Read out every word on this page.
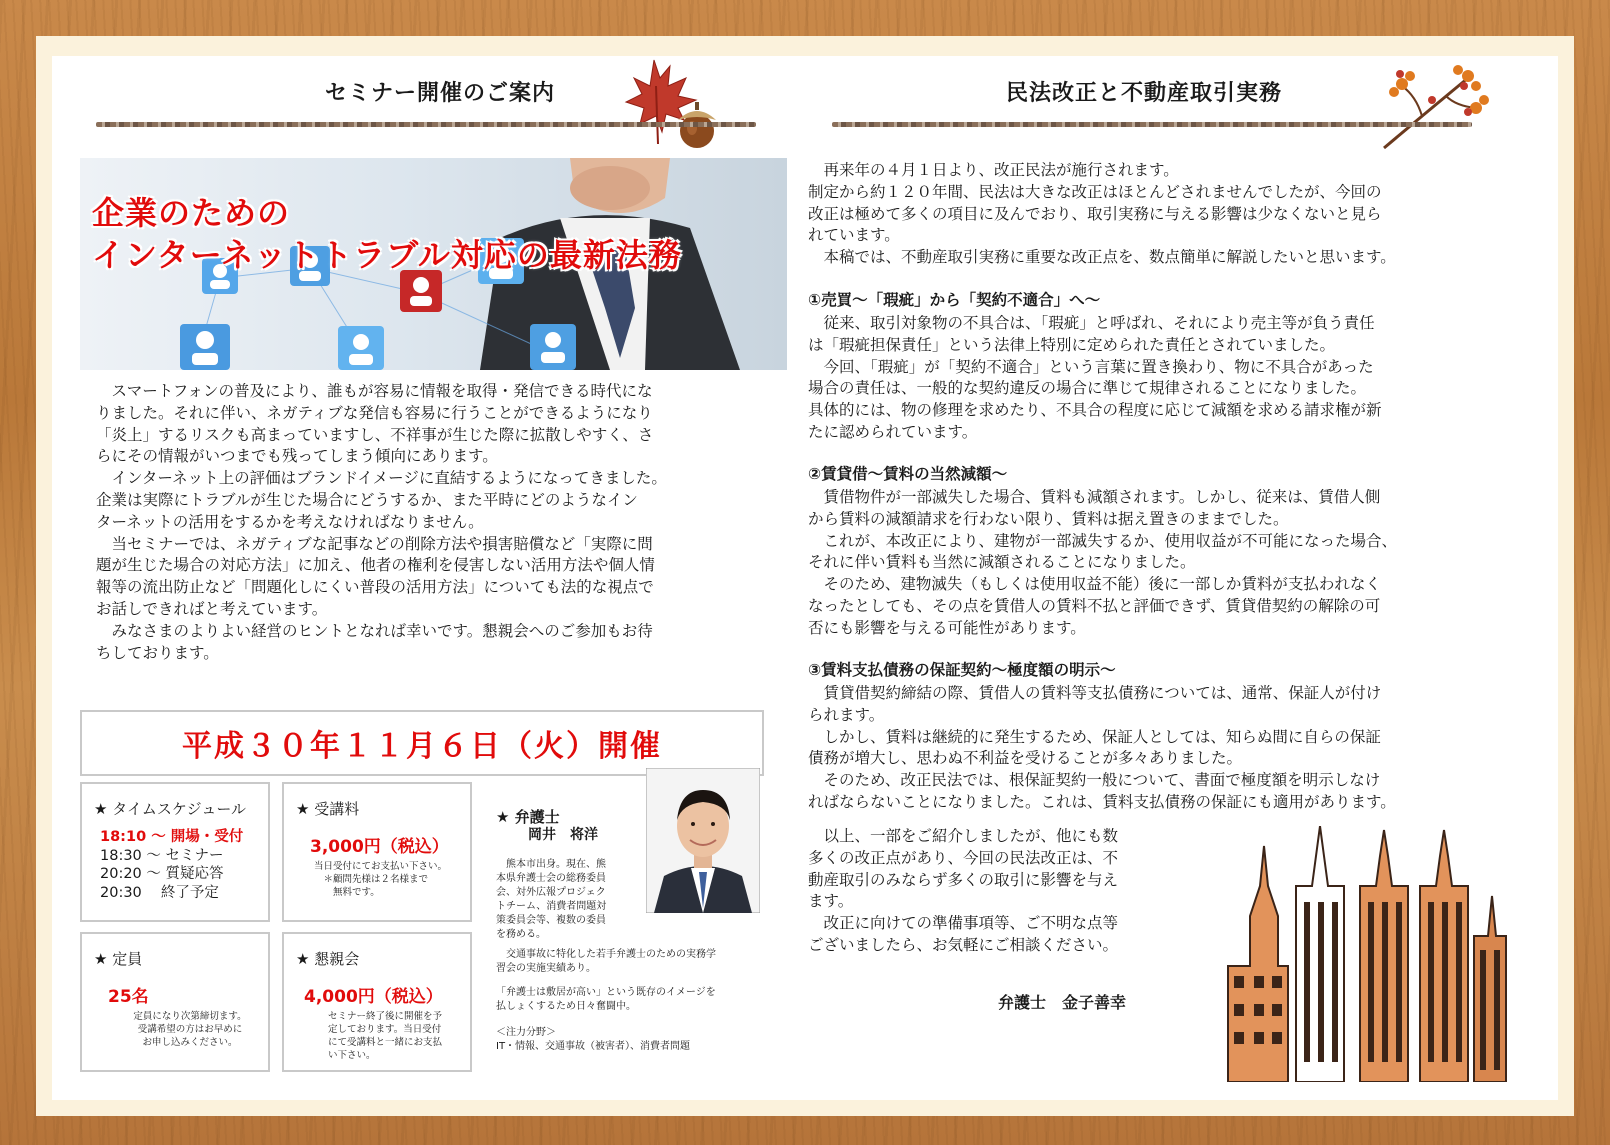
セミナー開催のご案内
企業のための
インターネットトラブル対応の最新法務
　スマートフォンの普及により、誰もが容易に情報を取得・発信できる時代にな
りました。それに伴い、ネガティブな発信も容易に行うことができるようになり
「炎上」するリスクも高まっていますし、不祥事が生じた際に拡散しやすく、さ
らにその情報がいつまでも残ってしまう傾向にあります。
　インターネット上の評価はブランドイメージに直結するようになってきました。
企業は実際にトラブルが生じた場合にどうするか、また平時にどのようなイン
ターネットの活用をするかを考えなければなりません。
　当セミナーでは、ネガティブな記事などの削除方法や損害賠償など「実際に問
題が生じた場合の対応方法」に加え、他者の権利を侵害しない活用方法や個人情
報等の流出防止など「問題化しにくい普段の活用方法」についても法的な視点で
お話しできればと考えています。
　みなさまのよりよい経営のヒントとなれば幸いです。懇親会へのご参加もお待
ちしております。
平成３０年１１月６日（火）開催
★ タイムスケジュール
18:10 ～ 開場・受付
18:30 ～ セミナー
20:20 ～ 質疑応答
20:30　 終了予定
★ 受講料
3,000円（税込）
当日受付にてお支払い下さい。
　＊顧問先様は２名様まで
　　無料です。
★ 定員
25名
定員になり次第締切ます。
受講希望の方はお早めに
お申し込みください。
★ 懇親会
4,000円（税込）
セミナー終了後に開催を予
定しております。当日受付
にて受講料と一緒にお支払
い下さい。
★ 弁護士
岡井　将洋
　熊本市出身。現在、熊
本県弁護士会の総務委員
会、対外広報プロジェク
トチーム、消費者問題対
策委員会等、複数の委員
を務める。
　交通事故に特化した若手弁護士のための実務学
習会の実施実績あり。
「弁護士は敷居が高い」という既存のイメージを
払しょくするため日々奮闘中。
＜注力分野＞
IT・情報、交通事故（被害者）、消費者問題
民法改正と不動産取引実務
　再来年の４月１日より、改正民法が施行されます。
制定から約１２０年間、民法は大きな改正はほとんどされませんでしたが、今回の
改正は極めて多くの項目に及んでおり、取引実務に与える影響は少なくないと見ら
れています。
　本稿では、不動産取引実務に重要な改正点を、数点簡単に解説したいと思います。
①売買～「瑕疵」から「契約不適合」へ～
　従来、取引対象物の不具合は、「瑕疵」と呼ばれ、それにより売主等が負う責任
は「瑕疵担保責任」という法律上特別に定められた責任とされていました。
　今回、「瑕疵」が「契約不適合」という言葉に置き換わり、物に不具合があった
場合の責任は、一般的な契約違反の場合に準じて規律されることになりました。
具体的には、物の修理を求めたり、不具合の程度に応じて減額を求める請求権が新
たに認められています。
②賃貸借～賃料の当然減額～
　賃借物件が一部滅失した場合、賃料も減額されます。しかし、従来は、賃借人側
から賃料の減額請求を行わない限り、賃料は据え置きのままでした。
　これが、本改正により、建物が一部滅失するか、使用収益が不可能になった場合、
それに伴い賃料も当然に減額されることになりました。
　そのため、建物滅失（もしくは使用収益不能）後に一部しか賃料が支払われなく
なったとしても、その点を賃借人の賃料不払と評価できず、賃貸借契約の解除の可
否にも影響を与える可能性があります。
③賃料支払債務の保証契約～極度額の明示～
　賃貸借契約締結の際、賃借人の賃料等支払債務については、通常、保証人が付け
られます。
　しかし、賃料は継続的に発生するため、保証人としては、知らぬ間に自らの保証
債務が増大し、思わぬ不利益を受けることが多々ありました。
　そのため、改正民法では、根保証契約一般について、書面で極度額を明示しなけ
ればならないことになりました。これは、賃料支払債務の保証にも適用があります。
　以上、一部をご紹介しましたが、他にも数
多くの改正点があり、今回の民法改正は、不
動産取引のみならず多くの取引に影響を与え
ます。
　改正に向けての準備事項等、ご不明な点等
ございましたら、お気軽にご相談ください。
弁護士　金子善幸
